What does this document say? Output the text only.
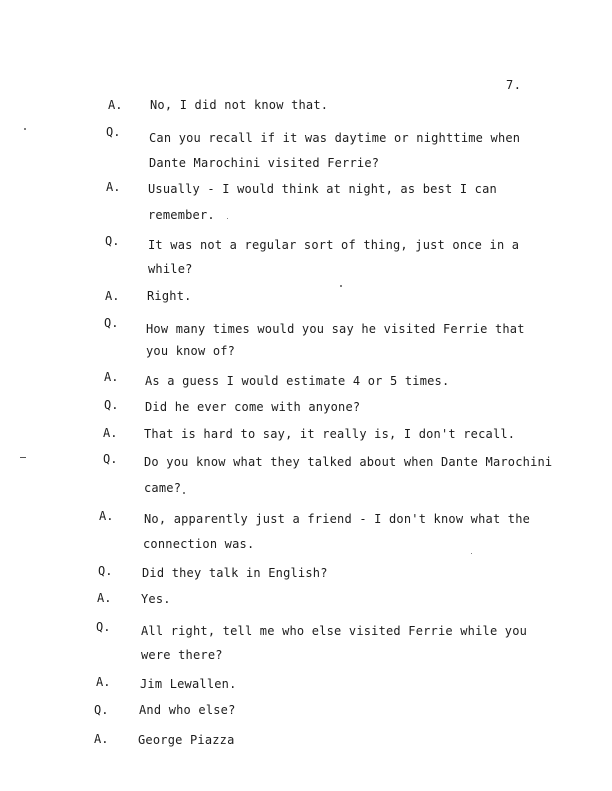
7.
A. No, I did not know that.
Q. Can you recall if it was daytime or nighttime when
Dante Marochini visited Ferrie?
A. Usually - I would think at night, as best I can
remember.
Q. It was not a regular sort of thing, just once in a
while?
A. Right.
Q. How many times would you say he visited Ferrie that
you know of?
A. As a guess I would estimate 4 or 5 times.
Q. Did he ever come with anyone?
A. That is hard to say, it really is, I don't recall.
Q. Do you know what they talked about when Dante Marochini
came?
A.	No, apparently just a friend - I don't know what the
connection was.
Q. Did they talk in English?
A. Yes.
Q.	All right, tell me who else visited Ferrie while you
were there?
A. Jim Lewallen.
Q.	And who else?
A. George Piazza
